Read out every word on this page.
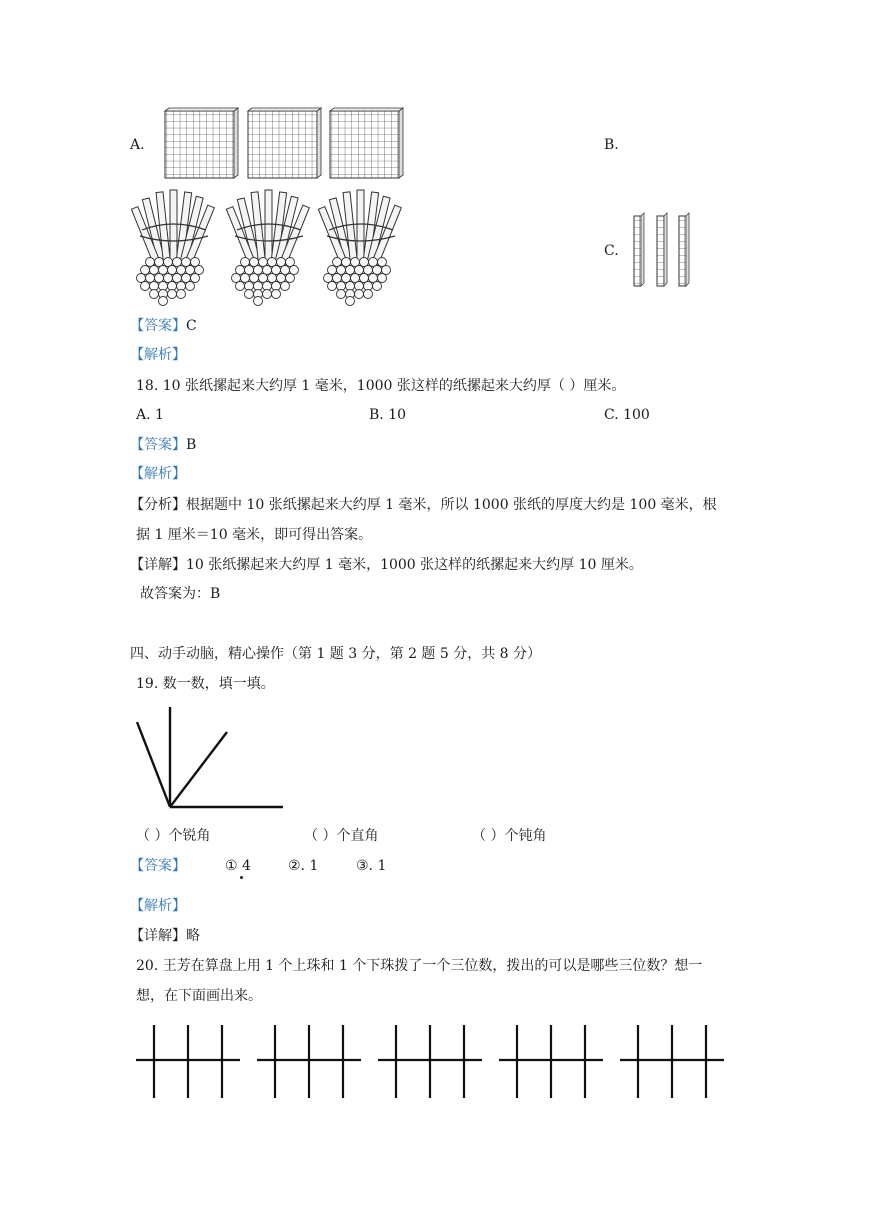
A.	B.
C.
【答案】C
【解析】
18. 10 张纸摞起来大约厚 1 毫米，1000 张这样的纸摞起来大约厚（ ）厘米。
A. 1	B. 10	C. 100
【答案】B
【解析】
【分析】根据题中 10 张纸摞起来大约厚 1 毫米，所以 1000 张纸的厚度大约是 100 毫米，根
据 1 厘米＝10 毫米，即可得出答案。
【详解】10 张纸摞起来大约厚 1 毫米，1000 张这样的纸摞起来大约厚 10 厘米。
故答案为：B
四、动手动脑，精心操作（第 1 题 3 分，第 2 题 5 分，共 8 分）
19. 数一数，填一填。
（ ）个锐角	（ ）个直角	（ ）个钝角
【答案】	① 4	②. 1	③. 1
【解析】
【详解】略
20. 王芳在算盘上用 1 个上珠和 1 个下珠拨了一个三位数，拨出的可以是哪些三位数？想一
想，在下面画出来。
